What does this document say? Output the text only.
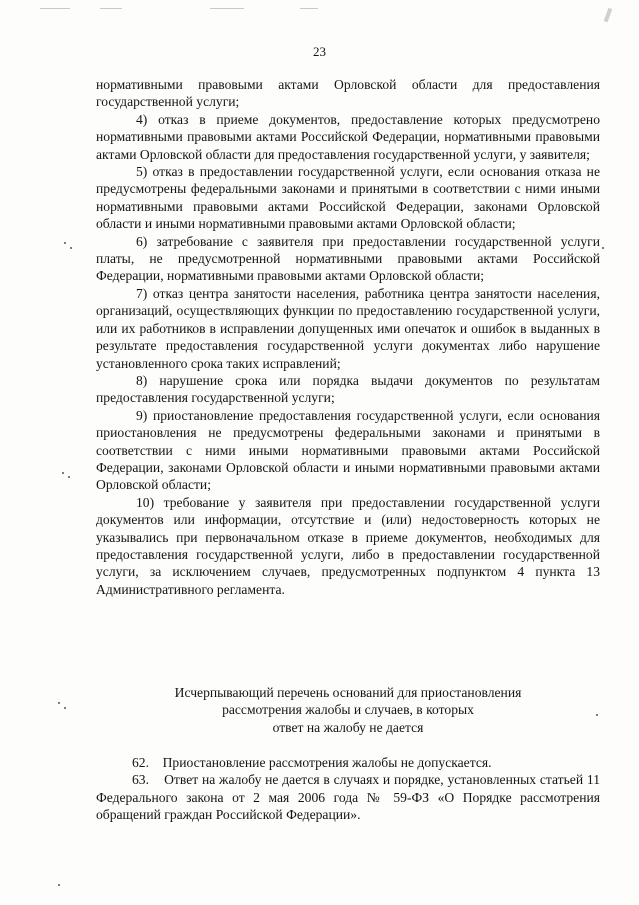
23

нормативными правовыми актами Орловской области для предоставления государственной услуги;

4) отказ в приеме документов, предоставление которых предусмотрено нормативными правовыми актами Российской Федерации, нормативными правовыми актами Орловской области для предоставления государственной услуги, у заявителя;

5) отказ в предоставлении государственной услуги, если основания отказа не предусмотрены федеральными законами и принятыми в соответствии с ними иными нормативными правовыми актами Российской Федерации, законами Орловской области и иными нормативными правовыми актами Орловской области;

6) затребование с заявителя при предоставлении государственной услуги платы, не предусмотренной нормативными правовыми актами Российской Федерации, нормативными правовыми актами Орловской области;

7) отказ центра занятости населения, работника центра занятости населения, организаций, осуществляющих функции по предоставлению государственной услуги, или их работников в исправлении допущенных ими опечаток и ошибок в выданных в результате предоставления государственной услуги документах либо нарушение установленного срока таких исправлений;

8) нарушение срока или порядка выдачи документов по результатам предоставления государственной услуги;

9) приостановление предоставления государственной услуги, если основания приостановления не предусмотрены федеральными законами и принятыми в соответствии с ними иными нормативными правовыми актами Российской Федерации, законами Орловской области и иными нормативными правовыми актами Орловской области;

10) требование у заявителя при предоставлении государственной услуги документов или информации, отсутствие и (или) недостоверность которых не указывались при первоначальном отказе в приеме документов, необходимых для предоставления государственной услуги, либо в предоставлении государственной услуги, за исключением случаев, предусмотренных подпунктом 4 пункта 13 Административного регламента.

Исчерпывающий перечень оснований для приостановления
рассмотрения жалобы и случаев, в которых
ответ на жалобу не дается

62.    Приостановление рассмотрения жалобы не допускается.

63.    Ответ на жалобу не дается в случаях и порядке, установленных статьей 11 Федерального закона от 2 мая 2006 года № 59-ФЗ «О Порядке рассмотрения обращений граждан Российской Федерации».
